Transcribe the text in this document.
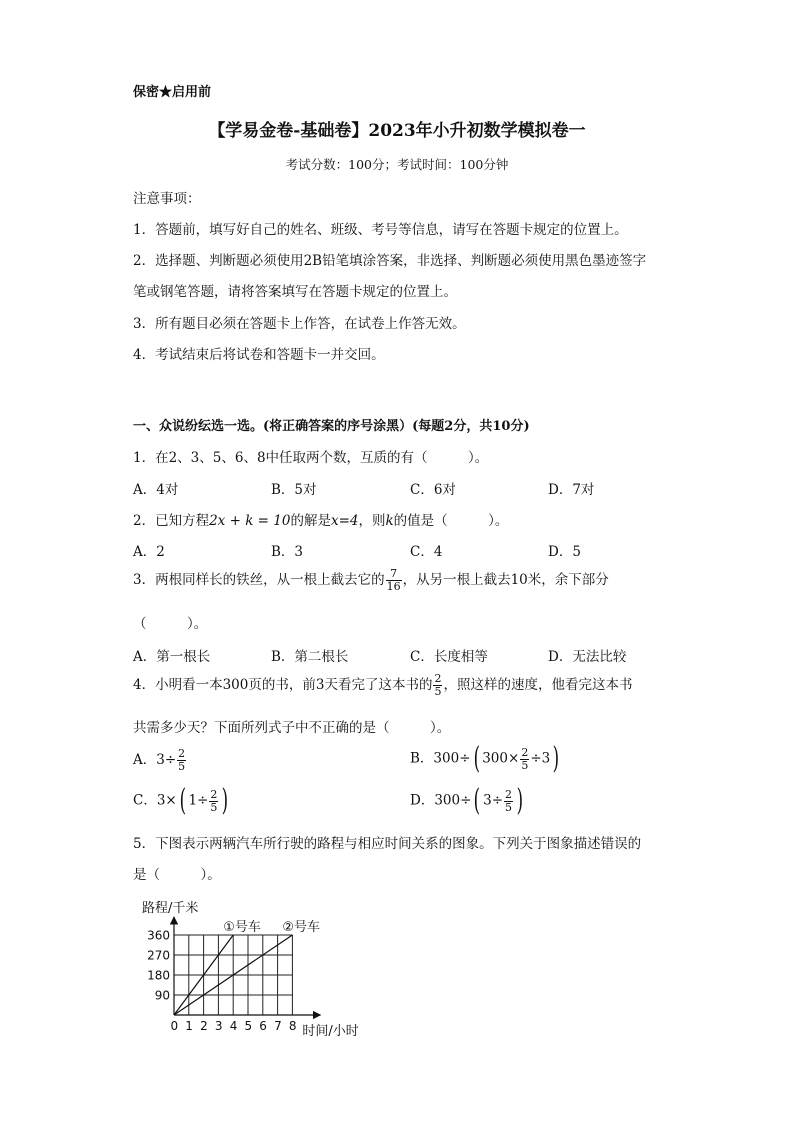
保密★启用前
【学易金卷-基础卷】2023年小升初数学模拟卷一
考试分数：100分；考试时间：100分钟
注意事项：
1．答题前，填写好自己的姓名、班级、考号等信息，请写在答题卡规定的位置上。
2．选择题、判断题必须使用2B铅笔填涂答案，非选择、判断题必须使用黑色墨迹签字
笔或钢笔答题，请将答案填写在答题卡规定的位置上。
3．所有题目必须在答题卡上作答，在试卷上作答无效。
4．考试结束后将试卷和答题卡一并交回。
一、众说纷纭选一选。(将正确答案的序号涂黑）(每题2分，共10分)
1．在2、3、5、6、8中任取两个数，互质的有（　　　）。
A．4对	B．5对	C．6对	D．7对
2．已知方程2x + k = 10的解是x=4，则k的值是（　　　）。
A．2	B．3	C．4	D．5
3．两根同样长的铁丝，从一根上截去它的 $\frac{7}{16}$ ，从另一根上截去10米，余下部分
（　　　）。
A．第一根长	B．第二根长	C．长度相等	D．无法比较
4．小明看一本300页的书，前3天看完了这本书的 $\frac{2}{5}$ ，照这样的速度，他看完这本书
共需多少天？下面所列式子中不正确的是（　　　）。
A．$3\div \frac{2}{5}$	B．300÷( $300\times \frac{2}{5} \div 3$)
C．3×( $1\div \frac{2}{5}$ )	D．300÷( $3\div \frac{2}{5}$ )
5．下图表示两辆汽车所行驶的路程与相应时间关系的图象。下列关于图象描述错误的
是（　　　）。
①号车 ②号车
0 1 2 3 4 5 6 7 8
90
180
270
360
路程/千米
时间/小时
